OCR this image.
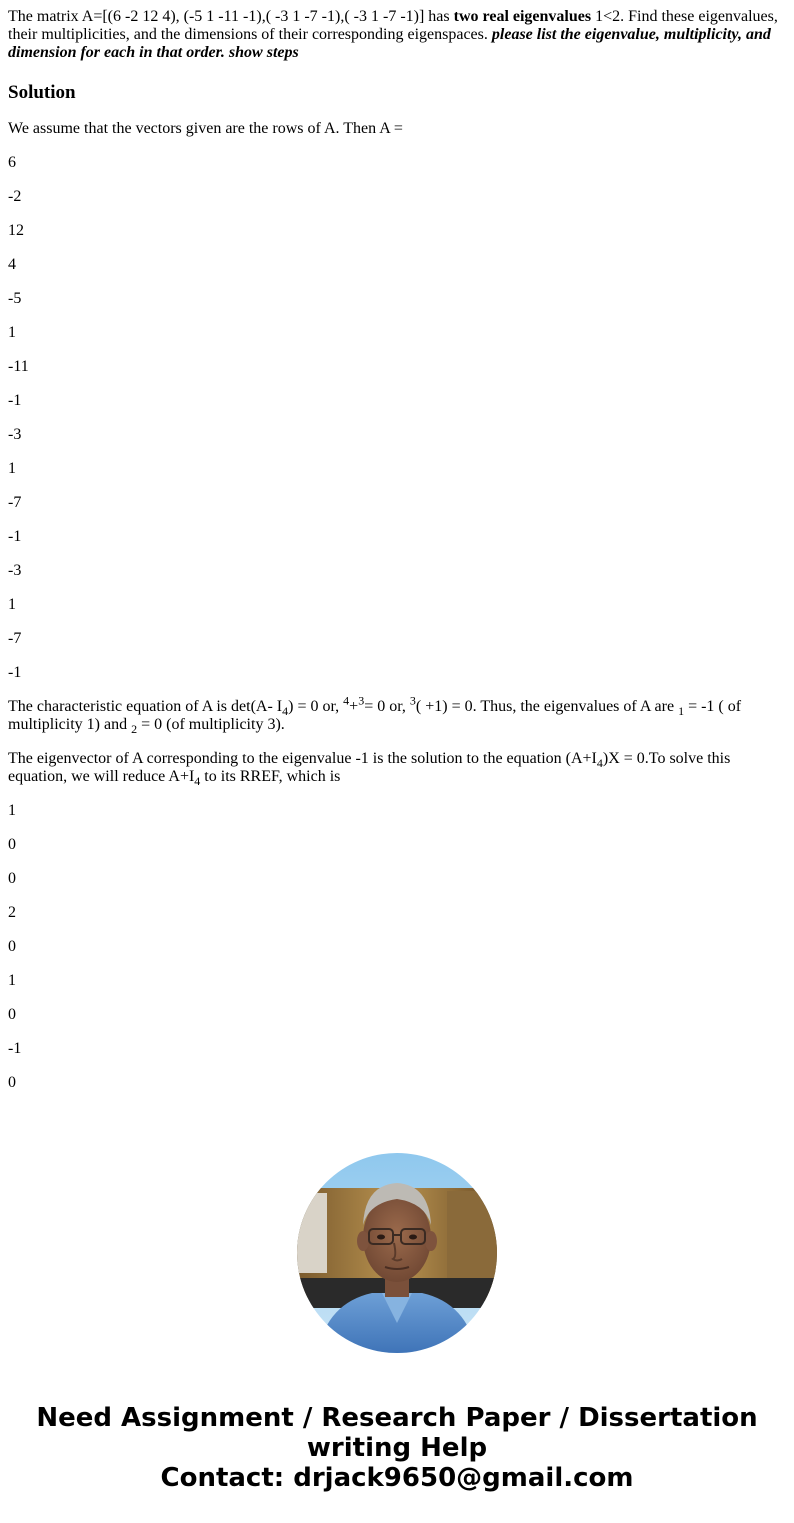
The matrix A=[(6 -2 12 4), (-5 1 -11 -1),( -3 1 -7 -1),( -3 1 -7 -1)] has two real eigenvalues 1<2. Find these eigenvalues, their multiplicities, and the dimensions of their corresponding eigenspaces. please list the eigenvalue, multiplicity, and dimension for each in that order. show steps

Solution

We assume that the vectors given are the rows of A. Then A =

6
-2
12
4
-5
1
-11
-1
-3
1
-7
-1
-3
1
-7
-1

The characteristic equation of A is det(A- $I_4) = 0$ or, $^4$+$^3$= 0 or, $^3$( +1) = 0. Thus, the eigenvalues of A are $_1$ = -1 ( of multiplicity 1) and $_2$ = 0 (of multiplicity 3).

The eigenvector of A corresponding to the eigenvalue -1 is the solution to the equation $(A+I_4)X = 0.To$ solve this equation, we will reduce $A+I_4$ to its RREF, which is

1
0
0
2
0
1
0
-1
0
Need Assignment / Research Paper / Dissertation
writing Help
Contact: drjack9650@gmail.com
